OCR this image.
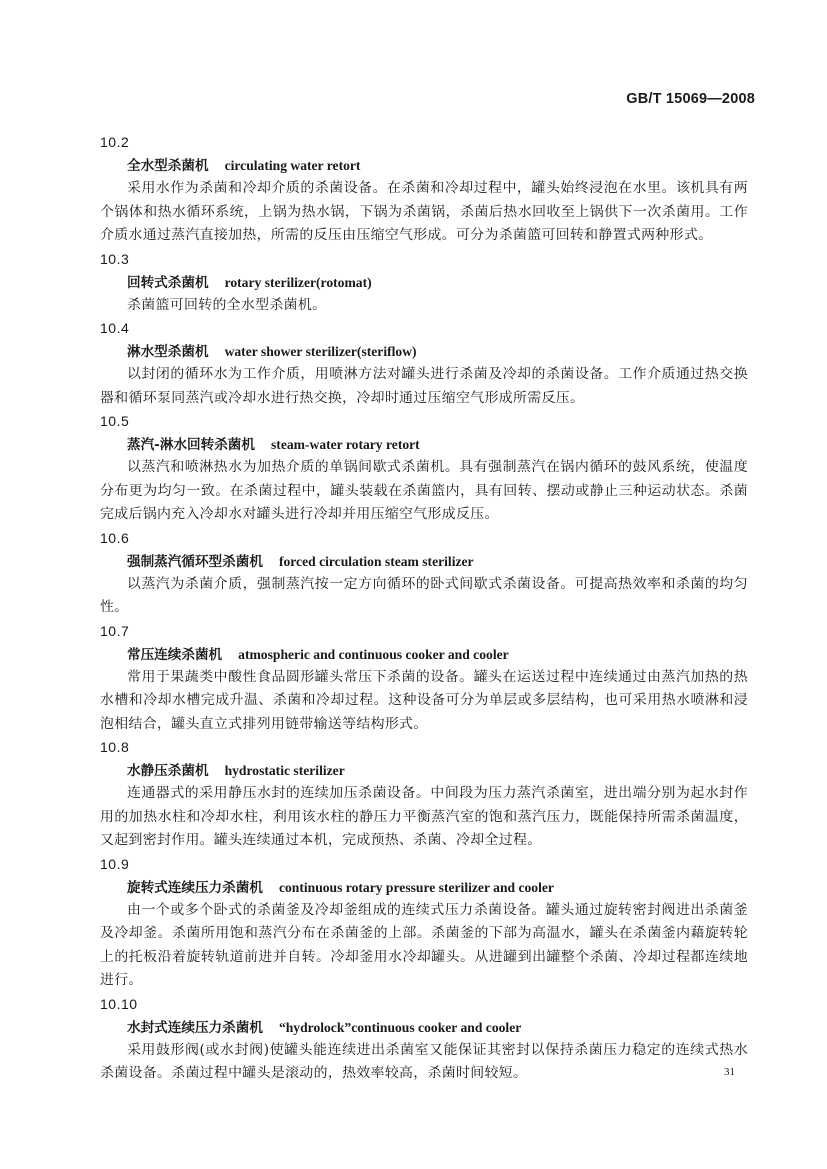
GB/T 15069—2008
10.2
全水型杀菌机 circulating water retort

采用水作为杀菌和冷却介质的杀菌设备。在杀菌和冷却过程中，罐头始终浸泡在水里。该机具有两个锅体和热水循环系统，上锅为热水锅，下锅为杀菌锅，杀菌后热水回收至上锅供下一次杀菌用。工作介质水通过蒸汽直接加热，所需的反压由压缩空气形成。可分为杀菌篮可回转和静置式两种形式。

10.3
回转式杀菌机 rotary sterilizer(rotomat)

杀菌篮可回转的全水型杀菌机。

10.4
淋水型杀菌机 water shower sterilizer(steriflow)

以封闭的循环水为工作介质，用喷淋方法对罐头进行杀菌及冷却的杀菌设备。工作介质通过热交换器和循环泵同蒸汽或冷却水进行热交换，冷却时通过压缩空气形成所需反压。

10.5
蒸汽-淋水回转杀菌机 steam-water rotary retort

以蒸汽和喷淋热水为加热介质的单锅间歇式杀菌机。具有强制蒸汽在锅内循环的鼓风系统，使温度分布更为均匀一致。在杀菌过程中，罐头装载在杀菌篮内，具有回转、摆动或静止三种运动状态。杀菌完成后锅内充入冷却水对罐头进行冷却并用压缩空气形成反压。

10.6
强制蒸汽循环型杀菌机 forced circulation steam sterilizer

以蒸汽为杀菌介质，强制蒸汽按一定方向循环的卧式间歇式杀菌设备。可提高热效率和杀菌的均匀性。

10.7
常压连续杀菌机 atmospheric and continuous cooker and cooler

常用于果蔬类中酸性食品圆形罐头常压下杀菌的设备。罐头在运送过程中连续通过由蒸汽加热的热水槽和冷却水槽完成升温、杀菌和冷却过程。这种设备可分为单层或多层结构，也可采用热水喷淋和浸泡相结合，罐头直立式排列用链带输送等结构形式。

10.8
水静压杀菌机 hydrostatic sterilizer

连通器式的采用静压水封的连续加压杀菌设备。中间段为压力蒸汽杀菌室，进出端分别为起水封作用的加热水柱和冷却水柱，利用该水柱的静压力平衡蒸汽室的饱和蒸汽压力，既能保持所需杀菌温度，又起到密封作用。罐头连续通过本机，完成预热、杀菌、冷却全过程。

10.9
旋转式连续压力杀菌机 continuous rotary pressure sterilizer and cooler

由一个或多个卧式的杀菌釜及冷却釜组成的连续式压力杀菌设备。罐头通过旋转密封阀进出杀菌釜及冷却釜。杀菌所用饱和蒸汽分布在杀菌釜的上部。杀菌釜的下部为高温水，罐头在杀菌釜内藉旋转轮上的托板沿着旋转轨道前进并自转。冷却釜用水冷却罐头。从进罐到出罐整个杀菌、冷却过程都连续地进行。

10.10
水封式连续压力杀菌机 “hydrolock”continuous cooker and cooler

采用鼓形阀(或水封阀)使罐头能连续进出杀菌室又能保证其密封以保持杀菌压力稳定的连续式热水杀菌设备。杀菌过程中罐头是滚动的，热效率较高，杀菌时间较短。	31
